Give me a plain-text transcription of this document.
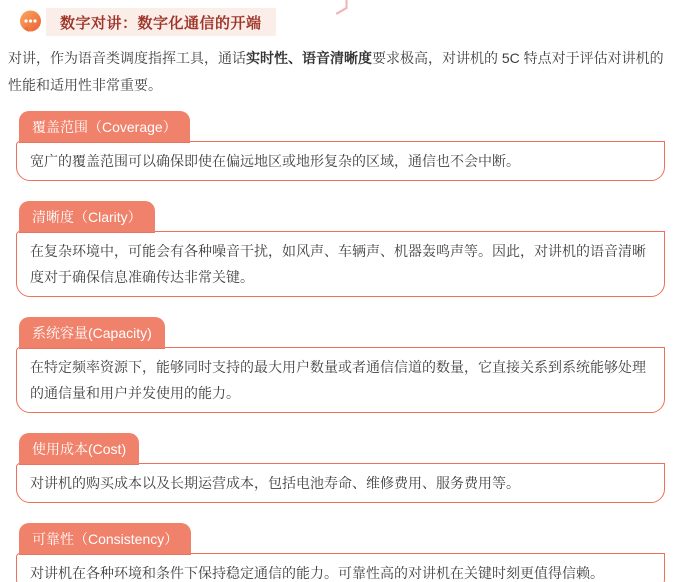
数字对讲：数字化通信的开端

对讲，作为语音类调度指挥工具，通话实时性、语音清晰度要求极高，对讲机的 5C 特点对于评估对讲机的性能和适用性非常重要。

覆盖范围（Coverage）
宽广的覆盖范围可以确保即使在偏远地区或地形复杂的区域，通信也不会中断。
清晰度（Clarity）
在复杂环境中，可能会有各种噪音干扰，如风声、车辆声、机器轰鸣声等。因此，对讲机的语音清晰度对于确保信息准确传达非常关键。
系统容量(Capacity)
在特定频率资源下，能够同时支持的最大用户数量或者通信信道的数量，它直接关系到系统能够处理的通信量和用户并发使用的能力。
使用成本(Cost)
对讲机的购买成本以及长期运营成本，包括电池寿命、维修费用、服务费用等。
可靠性（Consistency）
对讲机在各种环境和条件下保持稳定通信的能力。可靠性高的对讲机在关键时刻更值得信赖。
